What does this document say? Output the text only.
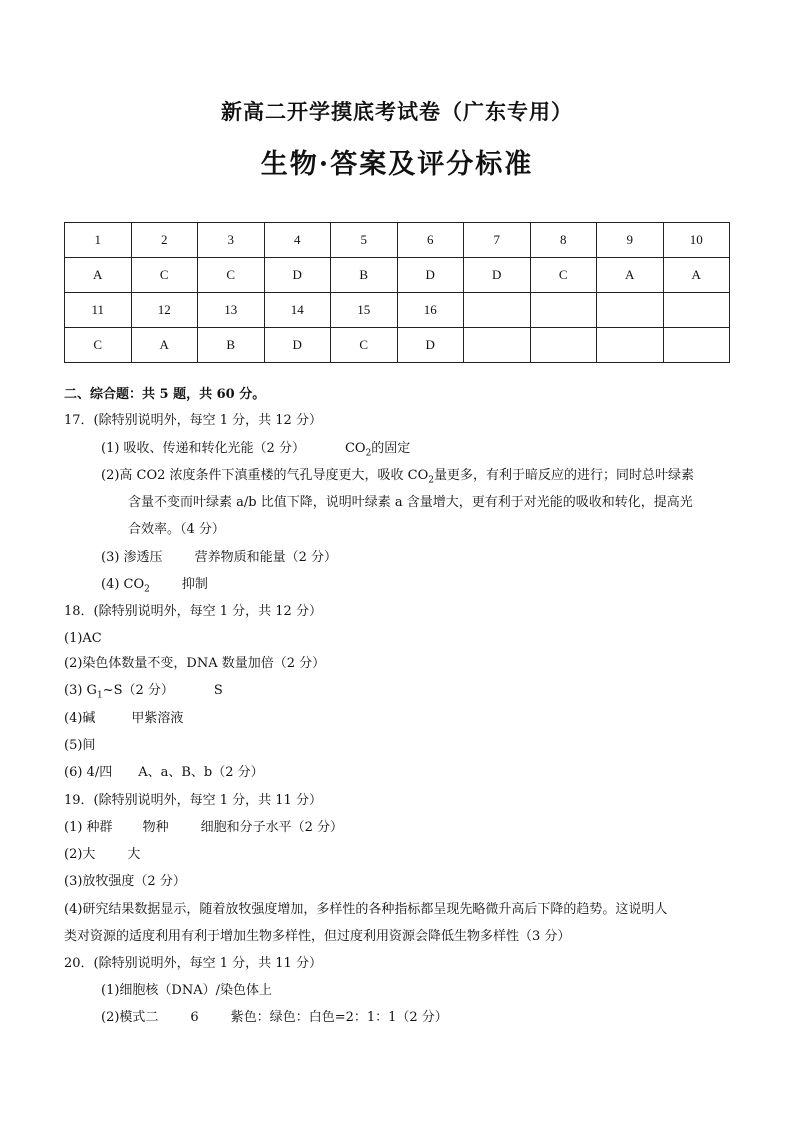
新高二开学摸底考试卷（广东专用）
生物·答案及评分标准
1	2	3	4	5	6	7	8	9	10
A	C	C	D	B	D	D	C	A	A
11	12	13	14	15	16				
C	A	B	D	C	D				
二、综合题：共 5 题，共 60 分。
17．(除特别说明外，每空 1 分，共 12 分）
(1) 吸收、传递和转化光能（2 分）	$CO_2$的固定
(2)高 CO2 浓度条件下滇重楼的气孔导度更大，吸收 $CO_2$量更多，有利于暗反应的进行；同时总叶绿素
含量不变而叶绿素 a/b 比值下降，说明叶绿素 a 含量增大，更有利于对光能的吸收和转化，提高光
合效率。（4 分）
(3) 渗透压 营养物质和能量（2 分）
(4) $CO_2$ 抑制
18．(除特别说明外，每空 1 分，共 12 分）
(1)AC
(2)染色体数量不变，DNA 数量加倍（2 分）
(3) $G_1\sim S(2$ 分）	S
(4)碱	甲紫溶液
(5)间
(6) 4/四 A、a、B、b（2 分）
19．(除特别说明外，每空 1 分，共 11 分）
(1) 种群 物种 细胞和分子水平（2 分）
(2)大 大
(3)放牧强度（2 分）
(4)研究结果数据显示，随着放牧强度增加，多样性的各种指标都呈现先略微升高后下降的趋势。这说明人
类对资源的适度利用有利于增加生物多样性，但过度利用资源会降低生物多样性（3 分）
20．(除特别说明外，每空 1 分，共 11 分）
(1)细胞核（DNA）/染色体上
(2)模式二 6 紫色：绿色：白色=2：1：1（2 分）
